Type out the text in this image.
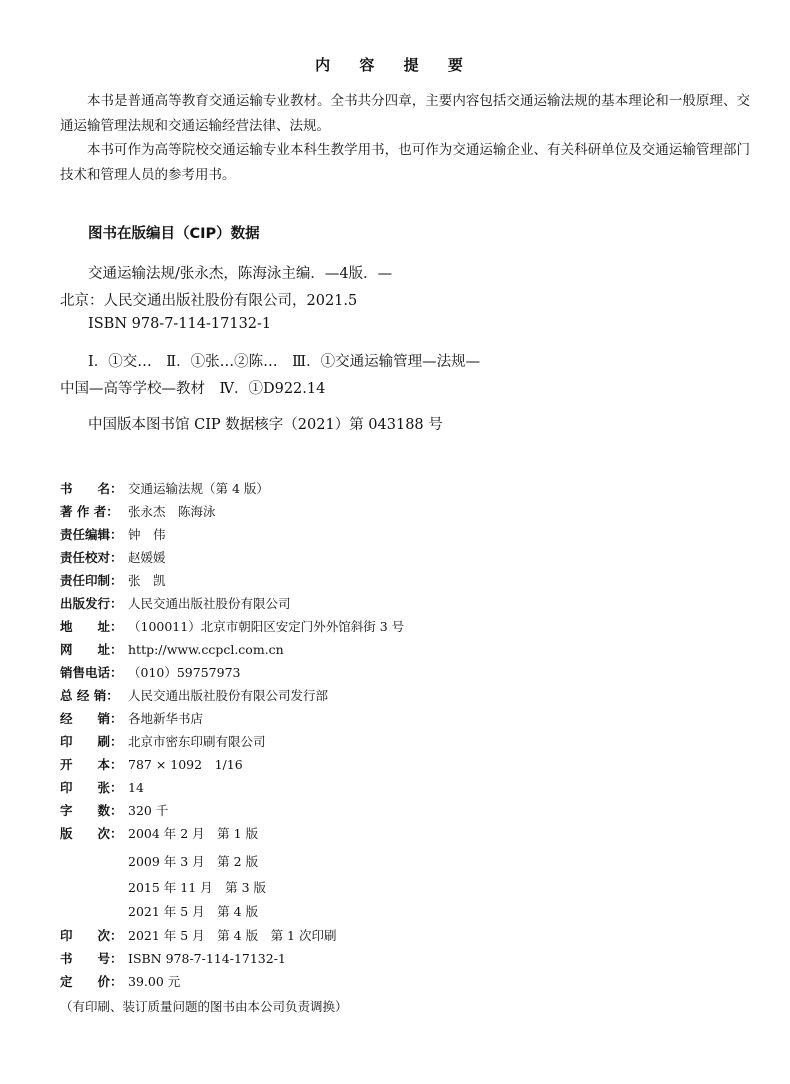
内 容 提 要
本书是普通高等教育交通运输专业教材。全书共分四章，主要内容包括交通运输法规的基本理论和一般原理、交通运输管理法规和交通运输经营法律、法规。
本书可作为高等院校交通运输专业本科生教学用书，也可作为交通运输企业、有关科研单位及交通运输管理部门技术和管理人员的参考用书。
图书在版编目（CIP）数据
交通运输法规/张永杰，陈海泳主编．—4版．—
北京：人民交通出版社股份有限公司，2021.5
ISBN 978-7-114-17132-1
Ⅰ．①交…　Ⅱ．①张…②陈…　Ⅲ．①交通运输管理—法规—
中国—高等学校—教材　Ⅳ．①D922.14
中国版本图书馆 CIP 数据核字（2021）第 043188 号
书　　名： 交通运输法规（第 4 版）
著 作 者： 张永杰　陈海泳
责任编辑： 钟　伟
责任校对： 赵媛媛
责任印制： 张　凯
出版发行： 人民交通出版社股份有限公司
地　　址： （100011）北京市朝阳区安定门外外馆斜街 3 号
网　　址： http://www.ccpcl.com.cn
销售电话： （010）59757973
总 经 销： 人民交通出版社股份有限公司发行部
经　　销： 各地新华书店
印　　刷： 北京市密东印刷有限公司
开　　本： 787 × 1092　1/16
印　　张： 14
字　　数： 320 千
版　　次： 2004 年 2 月　第 1 版
2009 年 3 月　第 2 版
2015 年 11 月　第 3 版
2021 年 5 月　第 4 版
印　　次： 2021 年 5 月　第 4 版　第 1 次印刷
书　　号： ISBN 978-7-114-17132-1
定　　价： 39.00 元
（有印刷、装订质量问题的图书由本公司负责调换）
